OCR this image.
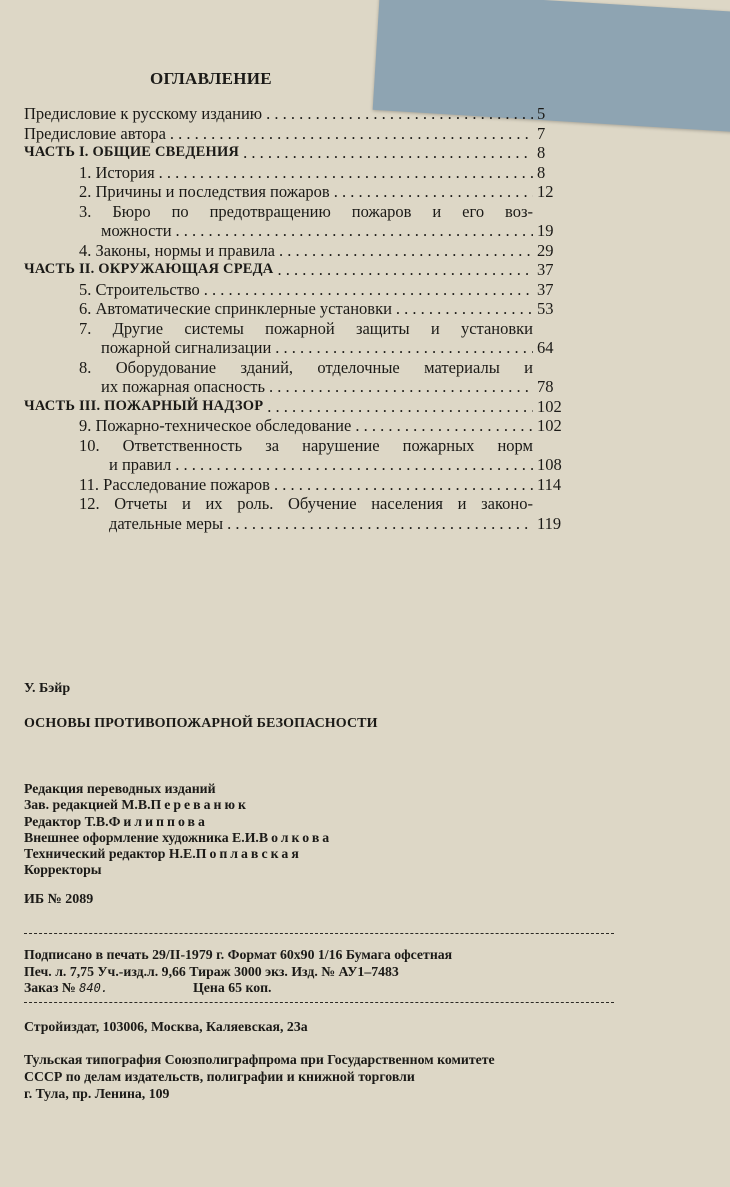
ОГЛАВЛЕНИЕ
Предисловие к русскому изданию . . .	5
Предисловие автора . . .	7
ЧАСТЬ I. ОБЩИЕ СВЕДЕНИЯ . . .	8
1. История . . .	8
2. Причины и последствия пожаров . . .	12
3. Бюро по предотвращению пожаров и его воз-
можности . . .	19
4. Законы, нормы и правила . . .	29
ЧАСТЬ II. ОКРУЖАЮЩАЯ СРЕДА . . .	37
5. Строительство . . .	37
6. Автоматические спринклерные установки . . .	53
7. Другие системы пожарной защиты и установки
пожарной сигнализации . . .	64
8. Оборудование зданий, отделочные материалы и
их пожарная опасность . . .	78
ЧАСТЬ III. ПОЖАРНЫЙ НАДЗОР . . .	102
9. Пожарно-техническое обследование . . .	102
10. Ответственность за нарушение пожарных норм
и правил . . .	108
11. Расследование пожаров . . .	114
12. Отчеты и их роль. Обучение населения и законо-
дательные меры . . .	119
У. Бэйр
ОСНОВЫ ПРОТИВОПОЖАРНОЙ БЕЗОПАСНОСТИ
Редакция переводных изданий
Зав. редакцией М.В.Переванюк
Редактор Т.В.Филиппова
Внешнее оформление художника Е.И.Волкова
Технический редактор Н.Е.Поплавская
Корректоры
ИБ № 2089
Подписано в печать 29/II-1979 г. Формат 60x90 1/16 Бумага офсетная
Печ. л. 7,75 Уч.-изд.л. 9,66 Тираж 3000 экз. Изд. № АУ1–7483
Заказ № 840.	Цена 65 коп.
Стройиздат, 103006, Москва, Каляевская, 23а
Тульская типография Союзполиграфпрома при Государственном комитете
СССР по делам издательств, полиграфии и книжной торговли
г. Тула, пр. Ленина, 109
